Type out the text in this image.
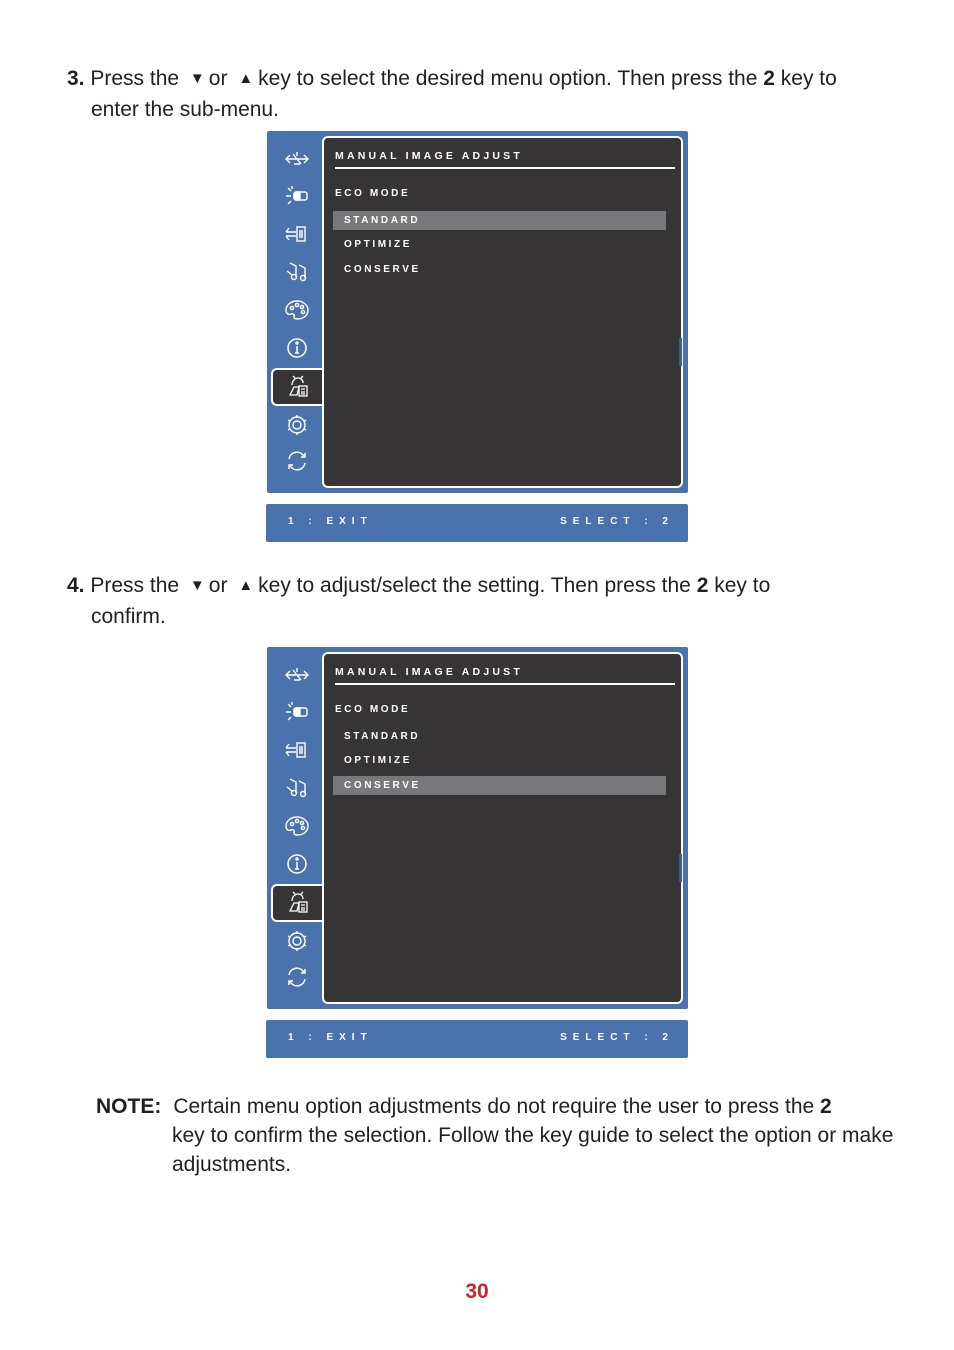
3. Press the ▼ or ▲ key to select the desired menu option. Then press the 2 key to
enter the sub-menu.
MANUAL IMAGE ADJUST
ECO MODE
STANDARD
OPTIMIZE
CONSERVE
1 : EXIT	SELECT : 2
4. Press the ▼ or ▲ key to adjust/select the setting. Then press the 2 key to
confirm.
MANUAL IMAGE ADJUST
ECO MODE
STANDARD
OPTIMIZE
CONSERVE
1 : EXIT	SELECT : 2
NOTE: Certain menu option adjustments do not require the user to press the 2
key to confirm the selection. Follow the key guide to select the option or make adjustments.
30
